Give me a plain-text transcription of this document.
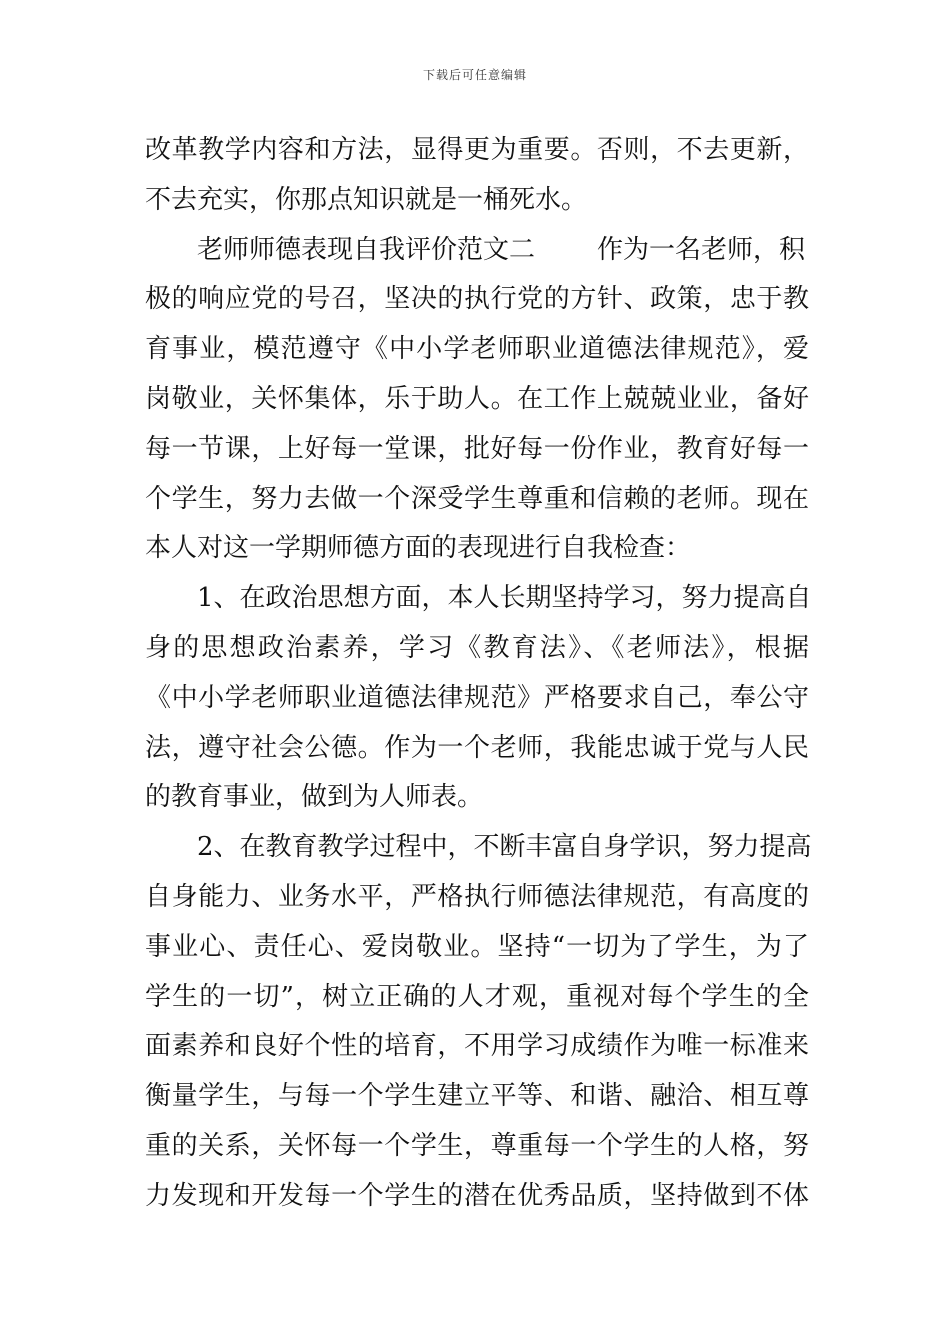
下载后可任意编辑
改革教学内容和方法，显得更为重要。否则，不去更新，
不去充实，你那点知识就是一桶死水。
老师师德表现自我评价范文二 作为一名老师，积
极的响应党的号召，坚决的执行党的方针、政策，忠于教
育事业，模范遵守《中小学老师职业道德法律规范》，爱
岗敬业，关怀集体，乐于助人。在工作上兢兢业业，备好
每一节课，上好每一堂课，批好每一份作业，教育好每一
个学生，努力去做一个深受学生尊重和信赖的老师。现在
本人对这一学期师德方面的表现进行自我检查：
1、在政治思想方面，本人长期坚持学习，努力提高自
身的思想政治素养，学习《教育法》、《老师法》，根据
《中小学老师职业道德法律规范》严格要求自己，奉公守
法，遵守社会公德。作为一个老师，我能忠诚于党与人民
的教育事业，做到为人师表。
2、在教育教学过程中，不断丰富自身学识，努力提高
自身能力、业务水平，严格执行师德法律规范，有高度的
事业心、责任心、爱岗敬业。坚持“一切为了学生，为了
学生的一切”，树立正确的人才观，重视对每个学生的全
面素养和良好个性的培育，不用学习成绩作为唯一标准来
衡量学生，与每一个学生建立平等、和谐、融洽、相互尊
重的关系，关怀每一个学生，尊重每一个学生的人格，努
力发现和开发每一个学生的潜在优秀品质，坚持做到不体
